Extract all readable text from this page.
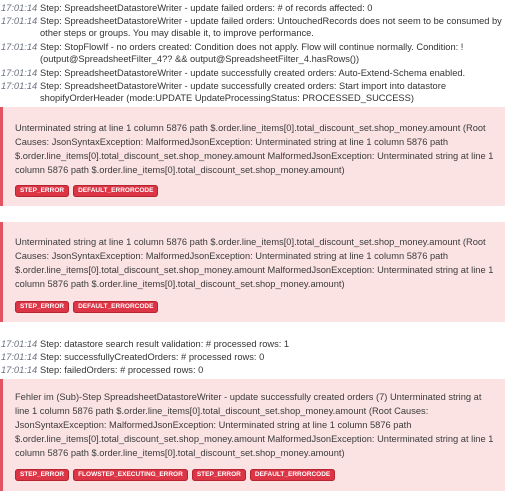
17:01:14 Step: SpreadsheetDatastoreWriter - update failed orders: # of records affected: 0
17:01:14 Step: SpreadsheetDatastoreWriter - update failed orders: UntouchedRecords does not seem to be consumed by other steps or groups. You may disable it, to improve performance.
17:01:14 Step: StopFlowIf - no orders created: Condition does not apply. Flow will continue normally. Condition: ! (output@SpreadsheetFilter_4?? && output@SpreadsheetFilter_4.hasRows())
17:01:14 Step: SpreadsheetDatastoreWriter - update successfully created orders: Auto-Extend-Schema enabled.
17:01:14 Step: SpreadsheetDatastoreWriter - update successfully created orders: Start import into datastore shopifyOrderHeader (mode:UPDATE UpdateProcessingStatus: PROCESSED_SUCCESS)
Unterminated string at line 1 column 5876 path $.order.line_items[0].total_discount_set.shop_money.amount (Root Causes: JsonSyntaxException: MalformedJsonException: Unterminated string at line 1 column 5876 path $.order.line_items[0].total_discount_set.shop_money.amount MalformedJsonException: Unterminated string at line 1 column 5876 path $.order.line_items[0].total_discount_set.shop_money.amount)
STEP_ERROR	DEFAULT_ERRORCODE
Unterminated string at line 1 column 5876 path $.order.line_items[0].total_discount_set.shop_money.amount (Root Causes: JsonSyntaxException: MalformedJsonException: Unterminated string at line 1 column 5876 path $.order.line_items[0].total_discount_set.shop_money.amount MalformedJsonException: Unterminated string at line 1 column 5876 path $.order.line_items[0].total_discount_set.shop_money.amount)
STEP_ERROR	DEFAULT_ERRORCODE
17:01:14 Step: datastore search result validation: # processed rows: 1
17:01:14 Step: successfullyCreatedOrders: # processed rows: 0
17:01:14 Step: failedOrders: # processed rows: 0
Fehler im (Sub)-Step SpreadsheetDatastoreWriter - update successfully created orders (7) Unterminated string at line 1 column 5876 path $.order.line_items[0].total_discount_set.shop_money.amount (Root Causes: JsonSyntaxException: MalformedJsonException: Unterminated string at line 1 column 5876 path $.order.line_items[0].total_discount_set.shop_money.amount MalformedJsonException: Unterminated string at line 1 column 5876 path $.order.line_items[0].total_discount_set.shop_money.amount)
STEP_ERROR	FLOWSTEP_EXECUTING_ERROR	STEP_ERROR	DEFAULT_ERRORCODE
